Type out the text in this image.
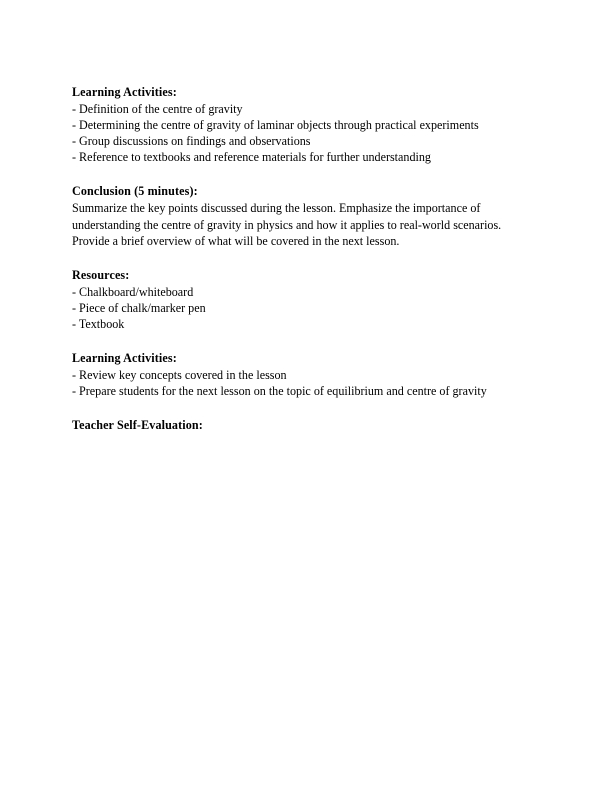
Learning Activities:
- Definition of the centre of gravity
- Determining the centre of gravity of laminar objects through practical experiments
- Group discussions on findings and observations
- Reference to textbooks and reference materials for further understanding
Conclusion (5 minutes):
Summarize the key points discussed during the lesson. Emphasize the importance of understanding the centre of gravity in physics and how it applies to real-world scenarios. Provide a brief overview of what will be covered in the next lesson.
Resources:
- Chalkboard/whiteboard
- Piece of chalk/marker pen
- Textbook
Learning Activities:
- Review key concepts covered in the lesson
- Prepare students for the next lesson on the topic of equilibrium and centre of gravity
Teacher Self-Evaluation:
